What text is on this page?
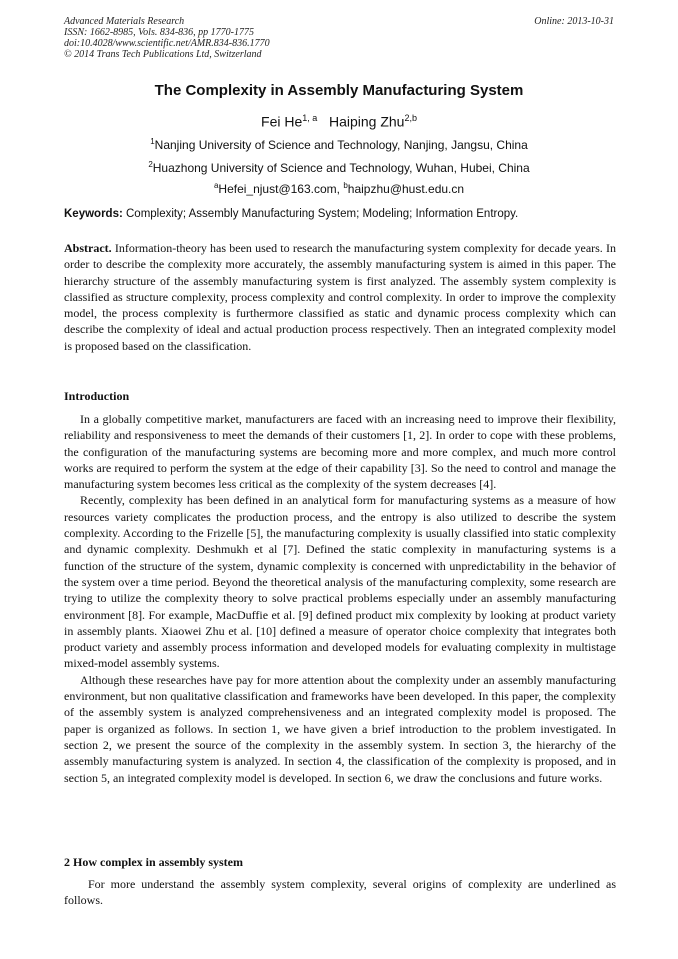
Advanced Materials Research	Online: 2013-10-31
ISSN: 1662-8985, Vols. 834-836, pp 1770-1775
doi:10.4028/www.scientific.net/AMR.834-836.1770
© 2014 Trans Tech Publications Ltd, Switzerland
The Complexity in Assembly Manufacturing System
Fei He$^{1, a}$ Haiping Zhu$^{2,b}$
$^1$Nanjing University of Science and Technology, Nanjing, Jangsu, China
$^2$Huazhong University of Science and Technology, Wuhan, Hubei, China
$^a$Hefei_njust@163.com, $^b$haipzhu@hust.edu.cn
Keywords: Complexity; Assembly Manufacturing System; Modeling; Information Entropy.

Abstract. Information-theory has been used to research the manufacturing system complexity for decade years. In order to describe the complexity more accurately, the assembly manufacturing system is aimed in this paper. The hierarchy structure of the assembly manufacturing system is first analyzed. The assembly system complexity is classified as structure complexity, process complexity and control complexity. In order to improve the complexity model, the process complexity is furthermore classified as static and dynamic process complexity which can describe the complexity of ideal and actual production process respectively. Then an integrated complexity model is proposed based on the classification.

Introduction

In a globally competitive market, manufacturers are faced with an increasing need to improve their flexibility, reliability and responsiveness to meet the demands of their customers [1, 2]. In order to cope with these problems, the configuration of the manufacturing systems are becoming more and more complex, and much more control works are required to perform the system at the edge of their capability [3]. So the need to control and manage the manufacturing system becomes less critical as the complexity of the system decreases [4].

Recently, complexity has been defined in an analytical form for manufacturing systems as a measure of how resources variety complicates the production process, and the entropy is also utilized to describe the system complexity. According to the Frizelle [5], the manufacturing complexity is usually classified into static complexity and dynamic complexity. Deshmukh et al [7]. Defined the static complexity in manufacturing systems is a function of the structure of the system, dynamic complexity is concerned with unpredictability in the behavior of the system over a time period. Beyond the theoretical analysis of the manufacturing complexity, some research are trying to utilize the complexity theory to solve practical problems especially under an assembly manufacturing environment [8]. For example, MacDuffie et al. [9] defined product mix complexity by looking at product variety in assembly plants. Xiaowei Zhu et al. [10] defined a measure of operator choice complexity that integrates both product variety and assembly process information and developed models for evaluating complexity in multistage mixed-model assembly systems.

Although these researches have pay for more attention about the complexity under an assembly manufacturing environment, but non qualitative classification and frameworks have been developed. In this paper, the complexity of the assembly system is analyzed comprehensiveness and an integrated complexity model is proposed. The paper is organized as follows. In section 1, we have given a brief introduction to the problem investigated. In section 2, we present the source of the complexity in the assembly system. In section 3, the hierarchy of the assembly manufacturing system is analyzed. In section 4, the classification of the complexity is proposed, and in section 5, an integrated complexity model is developed. In section 6, we draw the conclusions and future works.

2 How complex in assembly system

For more understand the assembly system complexity, several origins of complexity are underlined as follows.
